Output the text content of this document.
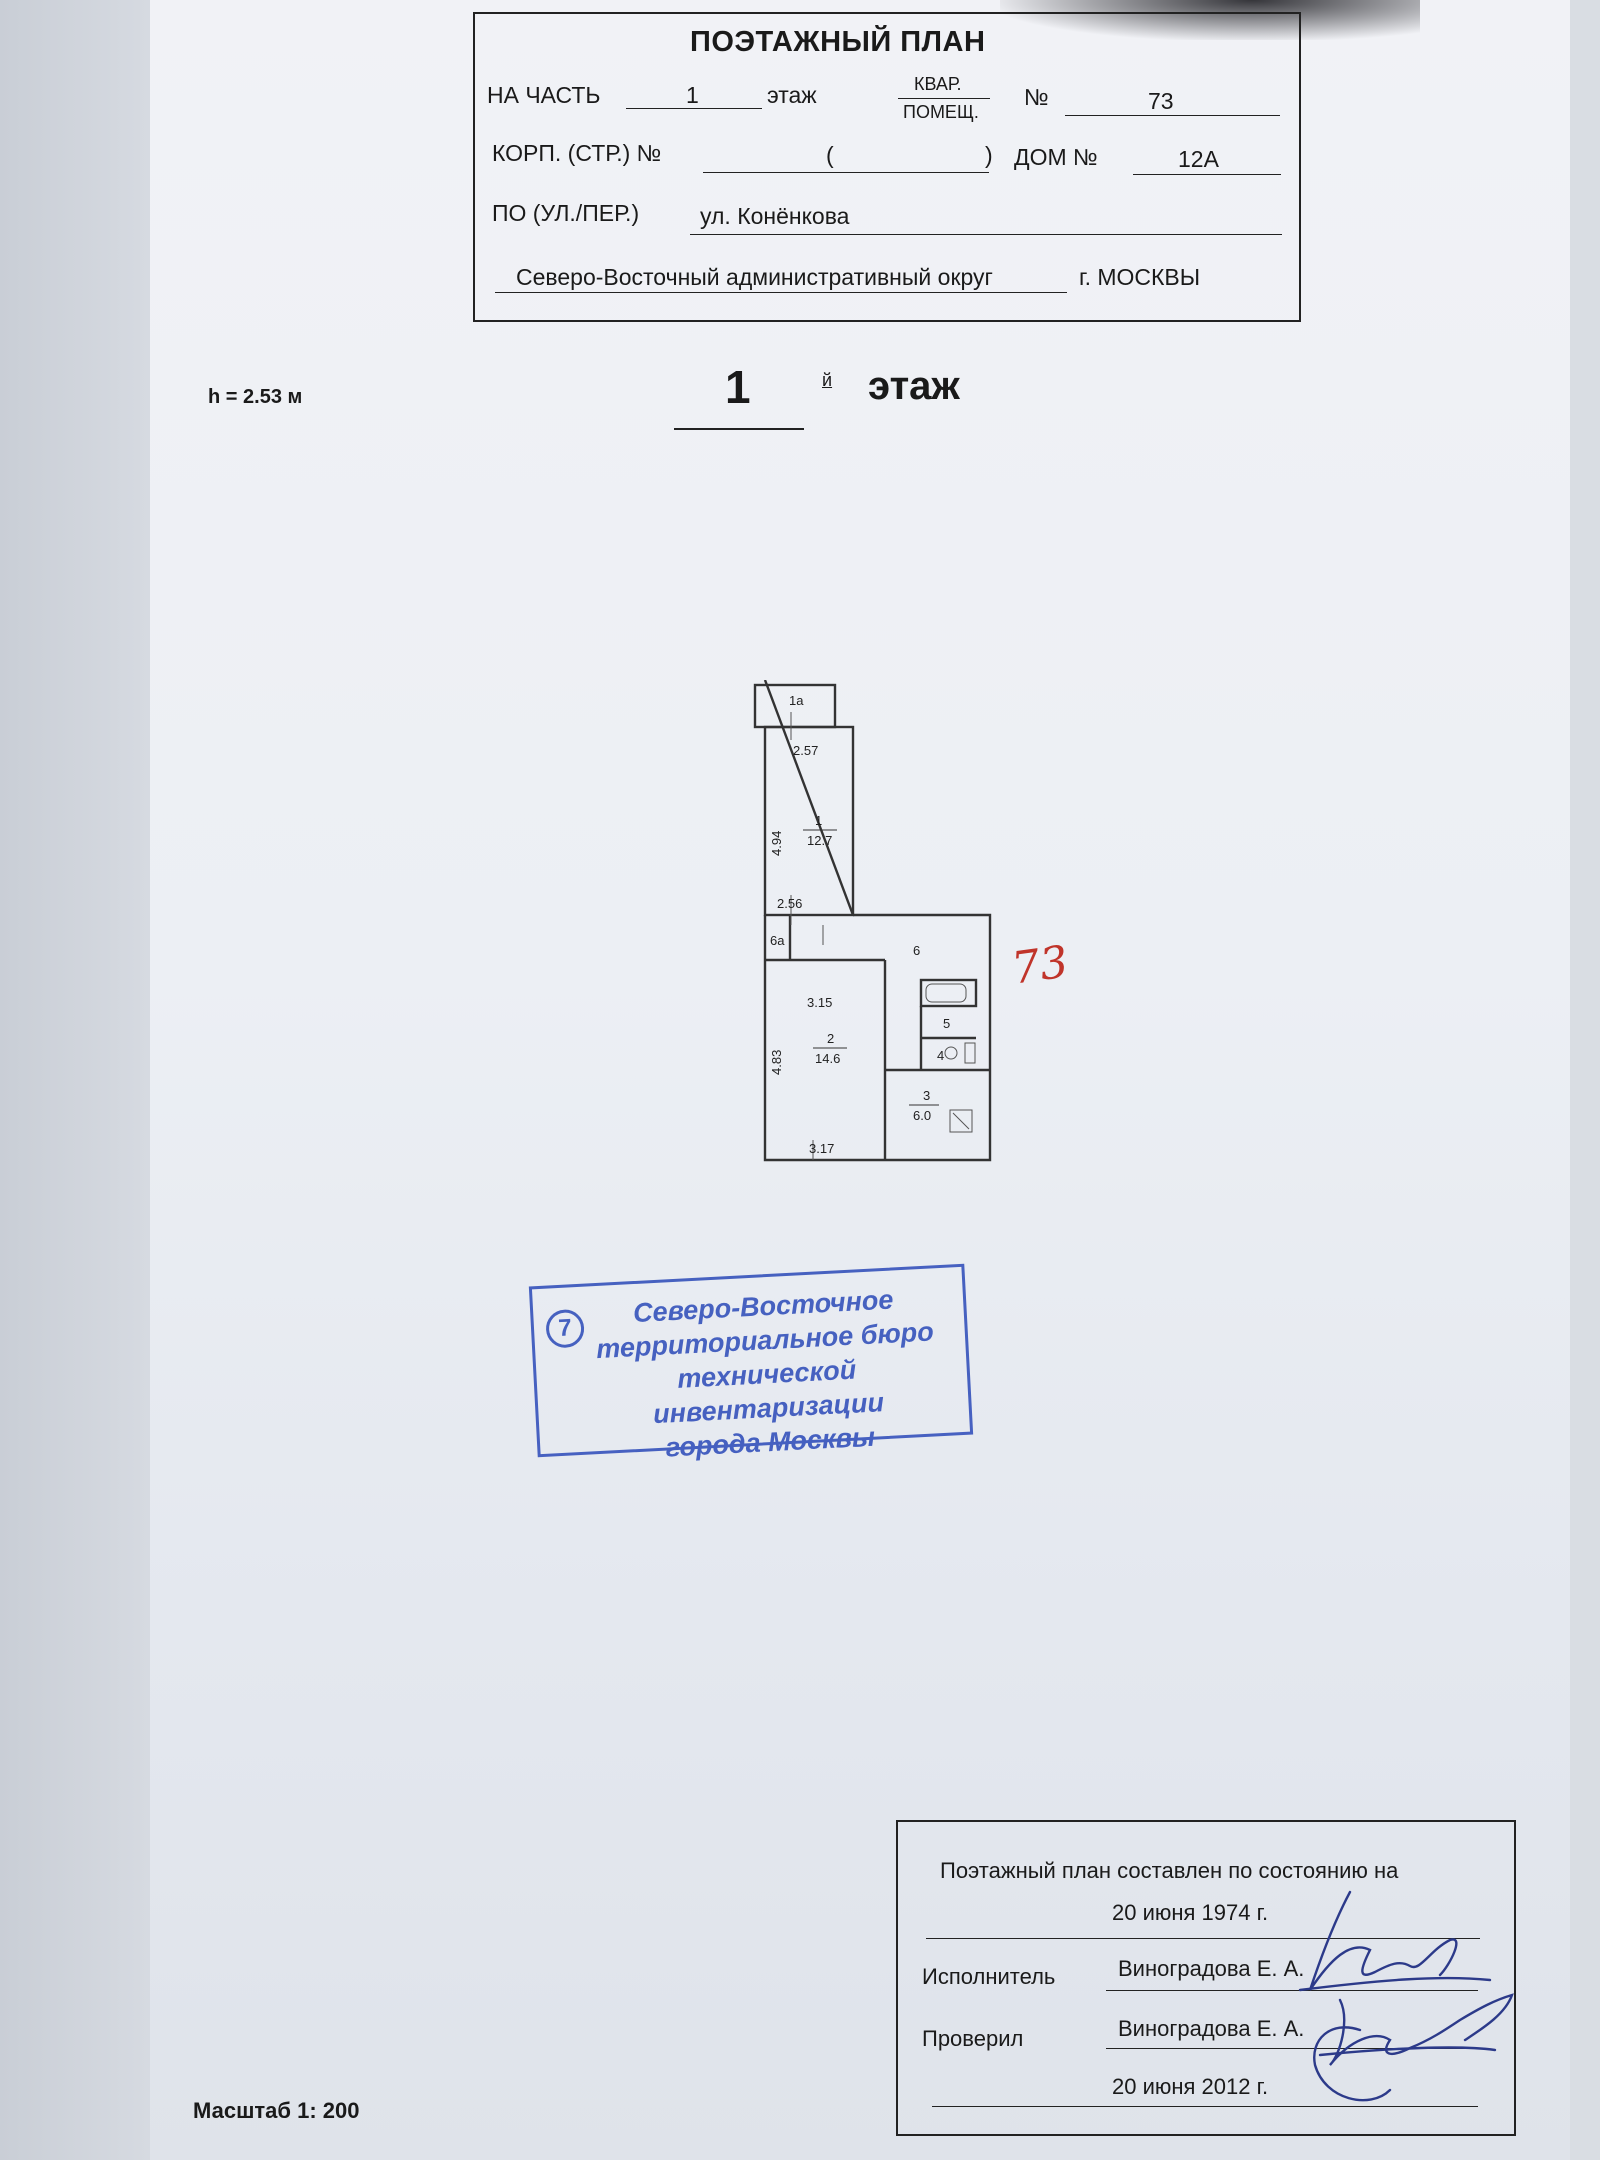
ПОЭТАЖНЫЙ ПЛАН
НА ЧАСТЬ	1	этаж	КВАР.
ПОМЕЩ.
№	73
КОРП. (СТР.) №	(	) ДОМ №	12А
ПО (УЛ./ПЕР.)	ул. Конёнкова
Северо-Восточный административный округ	г. МОСКВЫ
h = 2.53 м	1	й этаж
1а
2.57
1
12.7
4.94
2.56
6а
6
3.15
5
2
14.6	4
4.83
3
6.0
3.17
73
7
Северо-Восточное
территориальное бюро
технической инвентаризации
города Москвы
Поэтажный план составлен по состоянию на
20 июня 1974 г.
Исполнитель	Виноградова Е. А.
Проверил	Виноградова Е. А.
20 июня 2012 г.
Масштаб 1: 200
